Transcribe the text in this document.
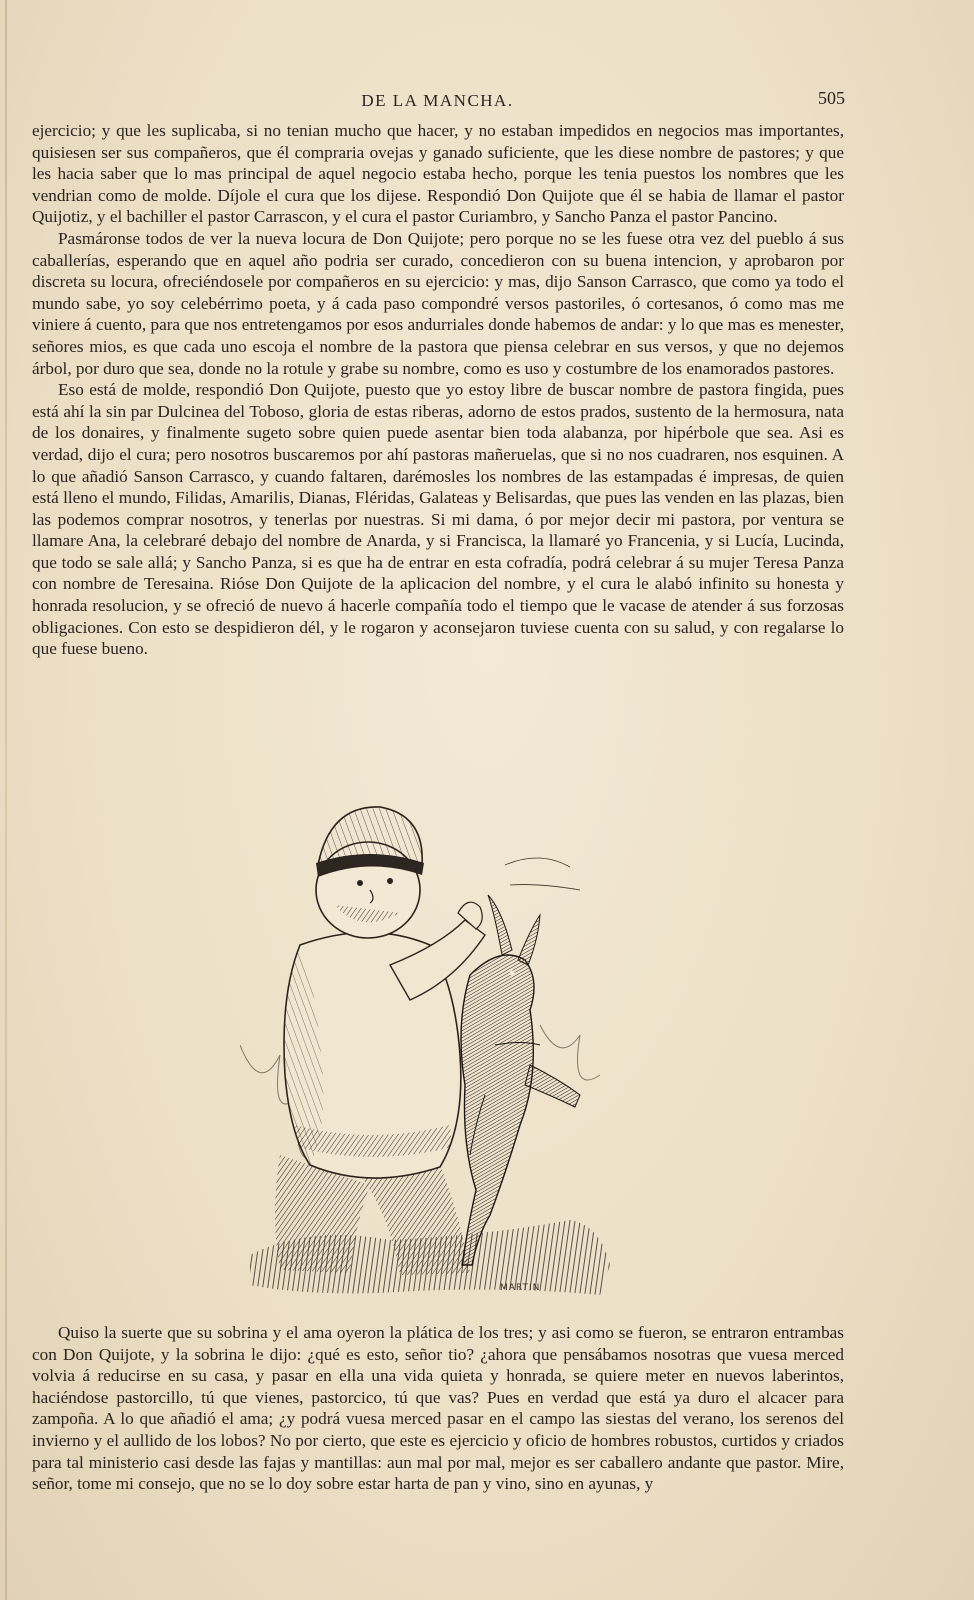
DE LA MANCHA.	505

ejercicio; y que les suplicaba, si no tenian mucho que hacer, y no estaban impedidos en negocios mas importantes, quisiesen ser sus compañeros, que él compraria ovejas y ganado suficiente, que les diese nombre de pastores; y que les hacia saber que lo mas principal de aquel negocio estaba hecho, porque les tenia puestos los nombres que les vendrian como de molde. Díjole el cura que los dijese. Respondió Don Quijote que él se habia de llamar el pastor Quijotiz, y el bachiller el pastor Carrascon, y el cura el pastor Curiambro, y Sancho Panza el pastor Pancino.

Pasmáronse todos de ver la nueva locura de Don Quijote; pero porque no se les fuese otra vez del pueblo á sus caballerías, esperando que en aquel año podria ser curado, concedieron con su buena intencion, y aprobaron por discreta su locura, ofreciéndosele por compañeros en su ejercicio: y mas, dijo Sanson Carrasco, que como ya todo el mundo sabe, yo soy celebérrimo poeta, y á cada paso compondré versos pastoriles, ó cortesanos, ó como mas me viniere á cuento, para que nos entretengamos por esos andurriales donde habemos de andar: y lo que mas es menester, señores mios, es que cada uno escoja el nombre de la pastora que piensa celebrar en sus versos, y que no dejemos árbol, por duro que sea, donde no la rotule y grabe su nombre, como es uso y costumbre de los enamorados pastores.

Eso está de molde, respondió Don Quijote, puesto que yo estoy libre de buscar nombre de pastora fingida, pues está ahí la sin par Dulcinea del Toboso, gloria de estas riberas, adorno de estos prados, sustento de la hermosura, nata de los donaires, y finalmente sugeto sobre quien puede asentar bien toda alabanza, por hipérbole que sea. Asi es verdad, dijo el cura; pero nosotros buscaremos por ahí pastoras mañeruelas, que si no nos cuadraren, nos esquinen. A lo que añadió Sanson Carrasco, y cuando faltaren, darémosles los nombres de las estampadas é impresas, de quien está lleno el mundo, Filidas, Amarilis, Dianas, Fléridas, Galateas y Belisardas, que pues las venden en las plazas, bien las podemos comprar nosotros, y tenerlas por nuestras. Si mi dama, ó por mejor decir mi pastora, por ventura se llamare Ana, la celebraré debajo del nombre de Anarda, y si Francisca, la llamaré yo Francenia, y si Lucía, Lucinda, que todo se sale allá; y Sancho Panza, si es que ha de entrar en esta cofradía, podrá celebrar á su mujer Teresa Panza con nombre de Teresaina. Rióse Don Quijote de la aplicacion del nombre, y el cura le alabó infinito su honesta y honrada resolucion, y se ofreció de nuevo á hacerle compañía todo el tiempo que le vacase de atender á sus forzosas obligaciones. Con esto se despidieron dél, y le rogaron y aconsejaron tuviese cuenta con su salud, y con regalarse lo que fuese bueno.

MARTIN

Quiso la suerte que su sobrina y el ama oyeron la plática de los tres; y asi como se fueron, se entraron entrambas con Don Quijote, y la sobrina le dijo: ¿qué es esto, señor tio? ¿ahora que pensábamos nosotras que vuesa merced volvia á reducirse en su casa, y pasar en ella una vida quieta y honrada, se quiere meter en nuevos laberintos, haciéndose pastorcillo, tú que vienes, pastorcico, tú que vas? Pues en verdad que está ya duro el alcacer para zampoña. A lo que añadió el ama; ¿y podrá vuesa merced pasar en el campo las siestas del verano, los serenos del invierno y el aullido de los lobos? No por cierto, que este es ejercicio y oficio de hombres robustos, curtidos y criados para tal ministerio casi desde las fajas y mantillas: aun mal por mal, mejor es ser caballero andante que pastor. Mire, señor, tome mi consejo, que no se lo doy sobre estar harta de pan y vino, sino en ayunas, y
